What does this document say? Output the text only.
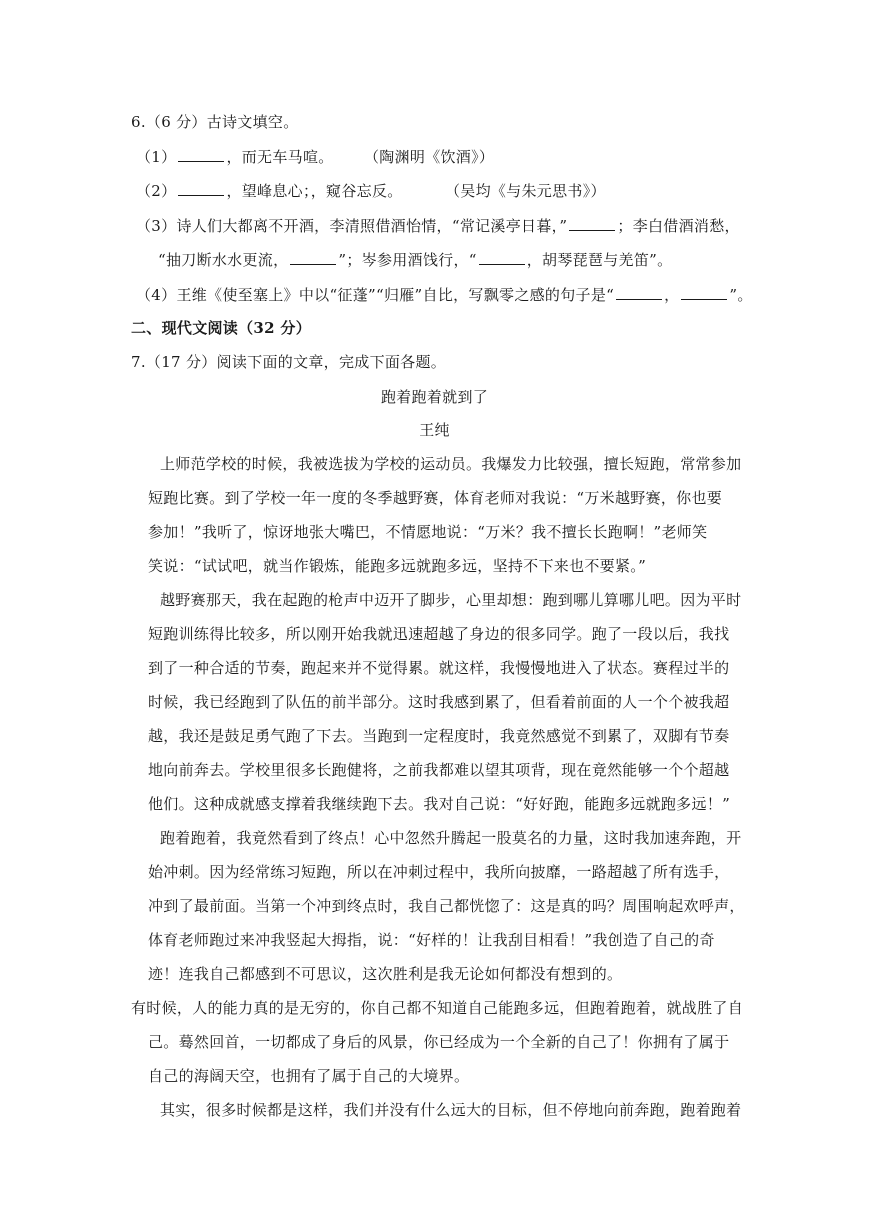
6.（6 分）古诗文填空。
（1）	，而无车马喧。 （陶渊明《饮酒》）
（2）	，望峰息心；，窥谷忘反。	（吴均《与朱元思书》）
（3）诗人们大都离不开酒，李清照借酒怡情，“常记溪亭日暮，”	；李白借酒消愁，
“抽刀断水水更流，	”；岑参用酒饯行，“	，胡琴琵琶与羌笛”。
（4）王维《使至塞上》中以“征蓬”“归雁”自比，写飘零之感的句子是“	，	”。
二、现代文阅读（32 分）
7.（17 分）阅读下面的文章，完成下面各题。
跑着跑着就到了
王纯
上师范学校的时候，我被选拔为学校的运动员。我爆发力比较强，擅长短跑，常常参加
短跑比赛。到了学校一年一度的冬季越野赛，体育老师对我说：“万米越野赛，你也要
参加！”我听了，惊讶地张大嘴巴，不情愿地说：“万米？我不擅长长跑啊！”老师笑
笑说：“试试吧，就当作锻炼，能跑多远就跑多远，坚持不下来也不要紧。”
越野赛那天，我在起跑的枪声中迈开了脚步，心里却想：跑到哪儿算哪儿吧。因为平时
短跑训练得比较多，所以刚开始我就迅速超越了身边的很多同学。跑了一段以后，我找
到了一种合适的节奏，跑起来并不觉得累。就这样，我慢慢地进入了状态。赛程过半的
时候，我已经跑到了队伍的前半部分。这时我感到累了，但看着前面的人一个个被我超
越，我还是鼓足勇气跑了下去。当跑到一定程度时，我竟然感觉不到累了，双脚有节奏
地向前奔去。学校里很多长跑健将，之前我都难以望其项背，现在竟然能够一个个超越
他们。这种成就感支撑着我继续跑下去。我对自己说：“好好跑，能跑多远就跑多远！”
跑着跑着，我竟然看到了终点！心中忽然升腾起一股莫名的力量，这时我加速奔跑，开
始冲刺。因为经常练习短跑，所以在冲刺过程中，我所向披靡，一路超越了所有选手，
冲到了最前面。当第一个冲到终点时，我自己都恍惚了：这是真的吗？周围响起欢呼声，
体育老师跑过来冲我竖起大拇指，说：“好样的！让我刮目相看！”我创造了自己的奇
迹！连我自己都感到不可思议，这次胜利是我无论如何都没有想到的。
有时候，人的能力真的是无穷的，你自己都不知道自己能跑多远，但跑着跑着，就战胜了自
己。蓦然回首，一切都成了身后的风景，你已经成为一个全新的自己了！你拥有了属于
自己的海阔天空，也拥有了属于自己的大境界。
其实，很多时候都是这样，我们并没有什么远大的目标，但不停地向前奔跑，跑着跑着
